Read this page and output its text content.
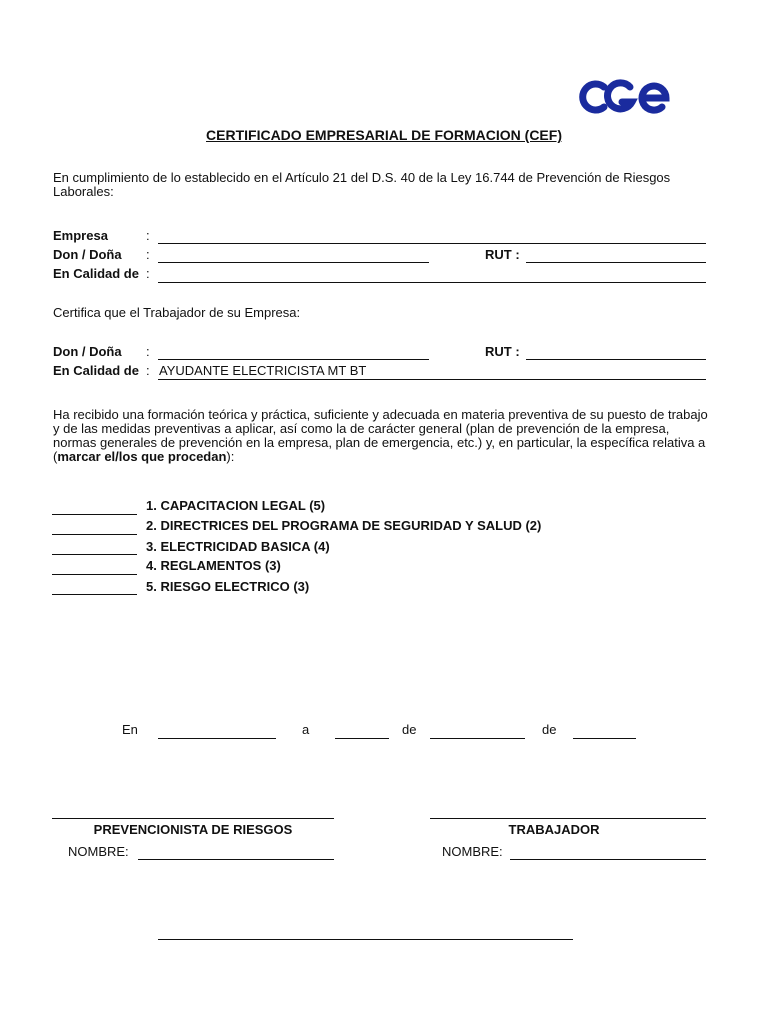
CERTIFICADO EMPRESARIAL DE FORMACION (CEF)
En cumplimiento de lo establecido en el Artículo 21 del D.S. 40 de la Ley 16.744 de Prevención de Riesgos Laborales:
Empresa	:
Don / Doña :	RUT :
En Calidad de :
Certifica que el Trabajador de su Empresa:
Don / Doña :	RUT :
En Calidad de : AYUDANTE ELECTRICISTA MT BT
Ha recibido una formación teórica y práctica, suficiente y adecuada en materia preventiva de su puesto de trabajo y de las medidas preventivas a aplicar, así como la de carácter general (plan de prevención de la empresa, normas generales de prevención en la empresa, plan de emergencia, etc.) y, en particular, la específica relativa a (marcar el/los que procedan):
1. CAPACITACION LEGAL (5)
2. DIRECTRICES DEL PROGRAMA DE SEGURIDAD Y SALUD (2)
3. ELECTRICIDAD BASICA (4)
4. REGLAMENTOS (3)
5. RIESGO ELECTRICO (3)
En	a	de	de
PREVENCIONISTA DE RIESGOS
NOMBRE:
TRABAJADOR
NOMBRE:
